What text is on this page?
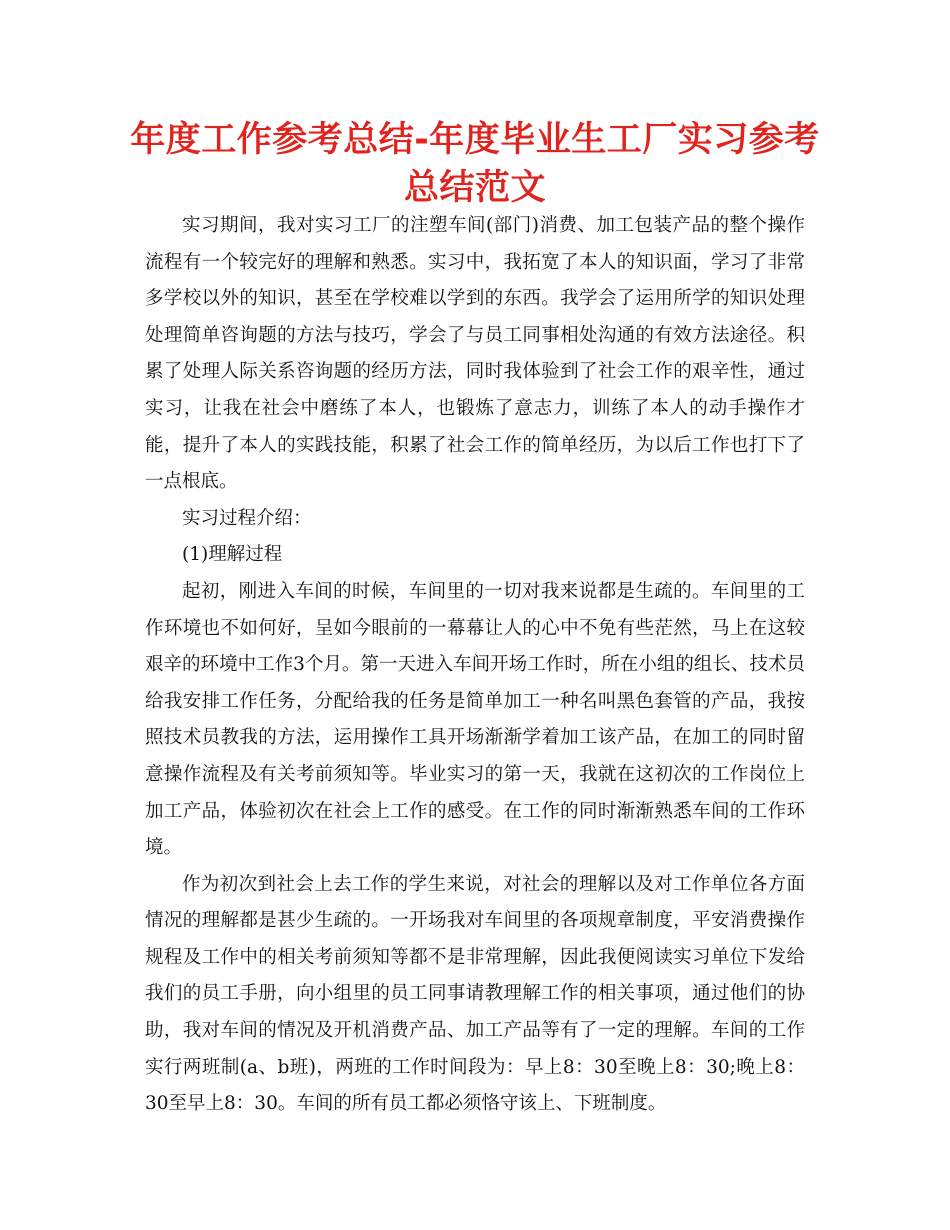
年度工作参考总结-年度毕业生工厂实习参考总结范文

实习期间，我对实习工厂的注塑车间(部门)消费、加工包装产品的整个操作流程有一个较完好的理解和熟悉。实习中，我拓宽了本人的知识面，学习了非常多学校以外的知识，甚至在学校难以学到的东西。我学会了运用所学的知识处理处理简单咨询题的方法与技巧，学会了与员工同事相处沟通的有效方法途径。积累了处理人际关系咨询题的经历方法，同时我体验到了社会工作的艰辛性，通过实习，让我在社会中磨练了本人，也锻炼了意志力，训练了本人的动手操作才能，提升了本人的实践技能，积累了社会工作的简单经历，为以后工作也打下了一点根底。

实习过程介绍：

(1)理解过程

起初，刚进入车间的时候，车间里的一切对我来说都是生疏的。车间里的工作环境也不如何好，呈如今眼前的一幕幕让人的心中不免有些茫然，马上在这较艰辛的环境中工作3个月。第一天进入车间开场工作时，所在小组的组长、技术员给我安排工作任务，分配给我的任务是简单加工一种名叫黑色套管的产品，我按照技术员教我的方法，运用操作工具开场渐渐学着加工该产品，在加工的同时留意操作流程及有关考前须知等。毕业实习的第一天，我就在这初次的工作岗位上加工产品，体验初次在社会上工作的感受。在工作的同时渐渐熟悉车间的工作环境。

作为初次到社会上去工作的学生来说，对社会的理解以及对工作单位各方面情况的理解都是甚少生疏的。一开场我对车间里的各项规章制度，平安消费操作规程及工作中的相关考前须知等都不是非常理解，因此我便阅读实习单位下发给我们的员工手册，向小组里的员工同事请教理解工作的相关事项，通过他们的协助，我对车间的情况及开机消费产品、加工产品等有了一定的理解。车间的工作实行两班制(a、b班)，两班的工作时间段为：早上8：30至晚上8：30;晚上8：30至早上8：30。车间的所有员工都必须恪守该上、下班制度。
